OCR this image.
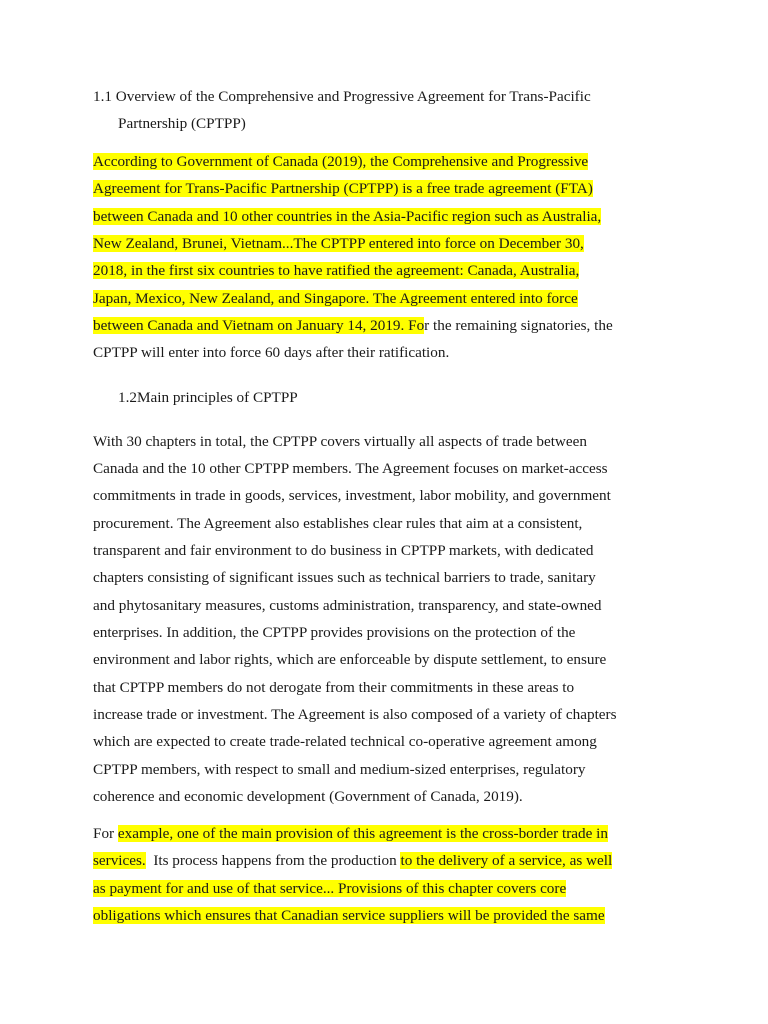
1.1 Overview of the Comprehensive and Progressive Agreement for Trans-Pacific
Partnership (CPTPP)
According to Government of Canada (2019), the Comprehensive and Progressive
Agreement for Trans-Pacific Partnership (CPTPP) is a free trade agreement (FTA)
between Canada and 10 other countries in the Asia-Pacific region such as Australia,
New Zealand, Brunei, Vietnam...The CPTPP entered into force on December 30,
2018, in the first six countries to have ratified the agreement: Canada, Australia,
Japan, Mexico, New Zealand, and Singapore. The Agreement entered into force
between Canada and Vietnam on January 14, 2019. For the remaining signatories, the
CPTPP will enter into force 60 days after their ratification.
1.2Main principles of CPTPP
With 30 chapters in total, the CPTPP covers virtually all aspects of trade between
Canada and the 10 other CPTPP members. The Agreement focuses on market-access
commitments in trade in goods, services, investment, labor mobility, and government
procurement. The Agreement also establishes clear rules that aim at a consistent,
transparent and fair environment to do business in CPTPP markets, with dedicated
chapters consisting of significant issues such as technical barriers to trade, sanitary
and phytosanitary measures, customs administration, transparency, and state-owned
enterprises. In addition, the CPTPP provides provisions on the protection of the
environment and labor rights, which are enforceable by dispute settlement, to ensure
that CPTPP members do not derogate from their commitments in these areas to
increase trade or investment. The Agreement is also composed of a variety of chapters
which are expected to create trade-related technical co-operative agreement among
CPTPP members, with respect to small and medium-sized enterprises, regulatory
coherence and economic development (Government of Canada, 2019).
For example, one of the main provision of this agreement is the cross-border trade in
services.  Its process happens from the production to the delivery of a service, as well
as payment for and use of that service... Provisions of this chapter covers core
obligations which ensures that Canadian service suppliers will be provided the same
